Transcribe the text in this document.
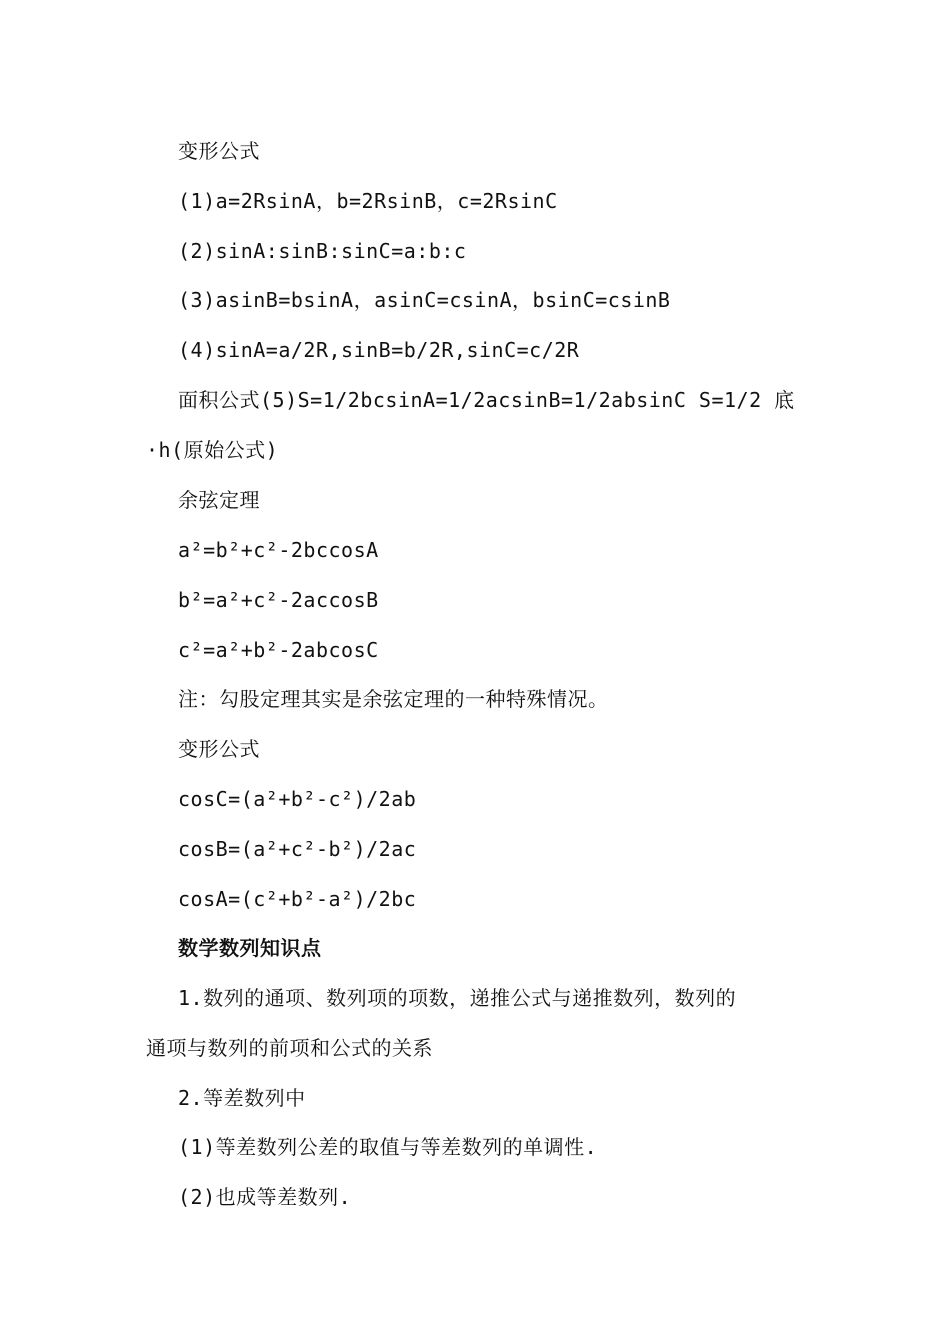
变形公式
(1)a=2RsinA，b=2RsinB，c=2RsinC
(2)sinA:sinB:sinC=a:b:c
(3)asinB=bsinA，asinC=csinA，bsinC=csinB
(4)sinA=a/2R,sinB=b/2R,sinC=c/2R
面积公式(5)S=1/2bcsinA=1/2acsinB=1/2absinC S=1/2 底
·h(原始公式)
余弦定理
a²=b²+c²-2bccosA
b²=a²+c²-2accosB
c²=a²+b²-2abcosC
注：勾股定理其实是余弦定理的一种特殊情况。
变形公式
cosC=(a²+b²-c²)/2ab
cosB=(a²+c²-b²)/2ac
cosA=(c²+b²-a²)/2bc
数学数列知识点
1.数列的通项、数列项的项数，递推公式与递推数列，数列的
通项与数列的前项和公式的关系
2.等差数列中
(1)等差数列公差的取值与等差数列的单调性.
(2)也成等差数列.
